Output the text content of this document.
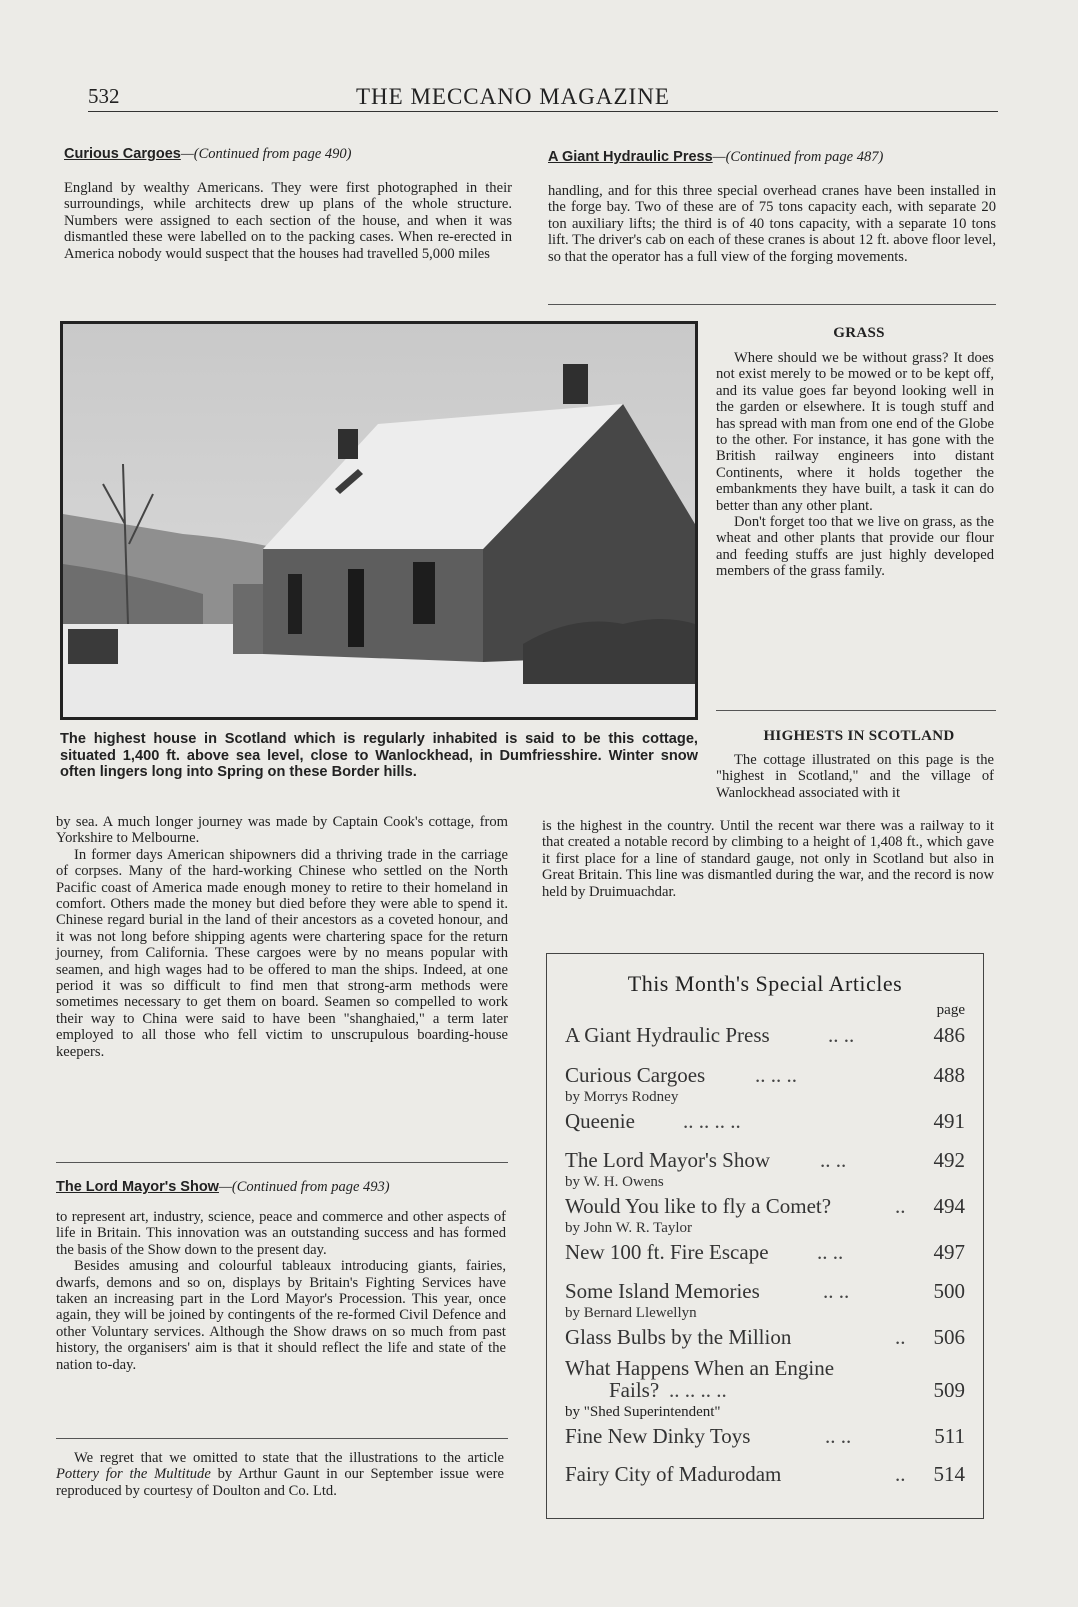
532	THE MECCANO MAGAZINE
Curious Cargoes—(Continued from page 490)

England by wealthy Americans. They were first photographed in their surroundings, while architects drew up plans of the whole structure. Numbers were assigned to each section of the house, and when it was dismantled these were labelled on to the packing cases. When re-erected in America nobody would suspect that the houses had travelled 5,000 miles

A Giant Hydraulic Press—(Continued from page 487)

handling, and for this three special overhead cranes have been installed in the forge bay. Two of these are of 75 tons capacity each, with separate 20 ton auxiliary lifts; the third is of 40 tons capacity, with a separate 10 tons lift. The driver's cab on each of these cranes is about 12 ft. above floor level, so that the operator has a full view of the forging movements.

GRASS

Where should we be without grass? It does not exist merely to be mowed or to be kept off, and its value goes far beyond looking well in the garden or elsewhere. It is tough stuff and has spread with man from one end of the Globe to the other. For instance, it has gone with the British railway engineers into distant Continents, where it holds together the embankments they have built, a task it can do better than any other plant.

Don't forget too that we live on grass, as the wheat and other plants that provide our flour and feeding stuffs are just highly developed members of the grass family.

The highest house in Scotland which is regularly inhabited is said to be this cottage, situated 1,400 ft. above sea level, close to Wanlockhead, in Dumfriesshire. Winter snow often lingers long into Spring on these Border hills.
HIGHESTS IN SCOTLAND

The cottage illustrated on this page is the "highest in Scotland," and the village of Wanlockhead associated with it

is the highest in the country. Until the recent war there was a railway to it that created a notable record by climbing to a height of 1,408 ft., which gave it first place for a line of standard gauge, not only in Scotland but also in Great Britain. This line was dismantled during the war, and the record is now held by Druimuachdar.

by sea. A much longer journey was made by Captain Cook's cottage, from Yorkshire to Melbourne.

In former days American shipowners did a thriving trade in the carriage of corpses. Many of the hard-working Chinese who settled on the North Pacific coast of America made enough money to retire to their homeland in comfort. Others made the money but died before they were able to spend it. Chinese regard burial in the land of their ancestors as a coveted honour, and it was not long before shipping agents were chartering space for the return journey, from California. These cargoes were by no means popular with seamen, and high wages had to be offered to man the ships. Indeed, at one period it was so difficult to find men that strong-arm methods were sometimes necessary to get them on board. Seamen so compelled to work their way to China were said to have been "shanghaied," a term later employed to all those who fell victim to unscrupulous boarding-house keepers.

The Lord Mayor's Show—(Continued from page 493)

to represent art, industry, science, peace and commerce and other aspects of life in Britain. This innovation was an outstanding success and has formed the basis of the Show down to the present day.

Besides amusing and colourful tableaux introducing giants, fairies, dwarfs, demons and so on, displays by Britain's Fighting Services have taken an increasing part in the Lord Mayor's Procession. This year, once again, they will be joined by contingents of the re-formed Civil Defence and other Voluntary services. Although the Show draws on so much from past history, the organisers' aim is that it should reflect the life and state of the nation to-day.

We regret that we omitted to state that the illustrations to the article Pottery for the Multitude by Arthur Gaunt in our September issue were reproduced by courtesy of Doulton and Co. Ltd.

This Month's Special Articles
page
A Giant Hydraulic Press	.. ..	486
Curious Cargoes .. .. ..	488
by Morrys Rodney
Queenie .. .. .. ..	491
The Lord Mayor's Show .. ..	492
by W. H. Owens
Would You like to fly a Comet?	.. 494
by John W. R. Taylor
New 100 ft. Fire Escape .. ..	497
Some Island Memories	.. ..	500
by Bernard Llewellyn
Glass Bulbs by the Million	.. 506
What Happens When an Engine
Fails? .. .. .. ..	509
by "Shed Superintendent"
Fine New Dinky Toys	.. ..	511
Fairy City of Madurodam	.. 514
